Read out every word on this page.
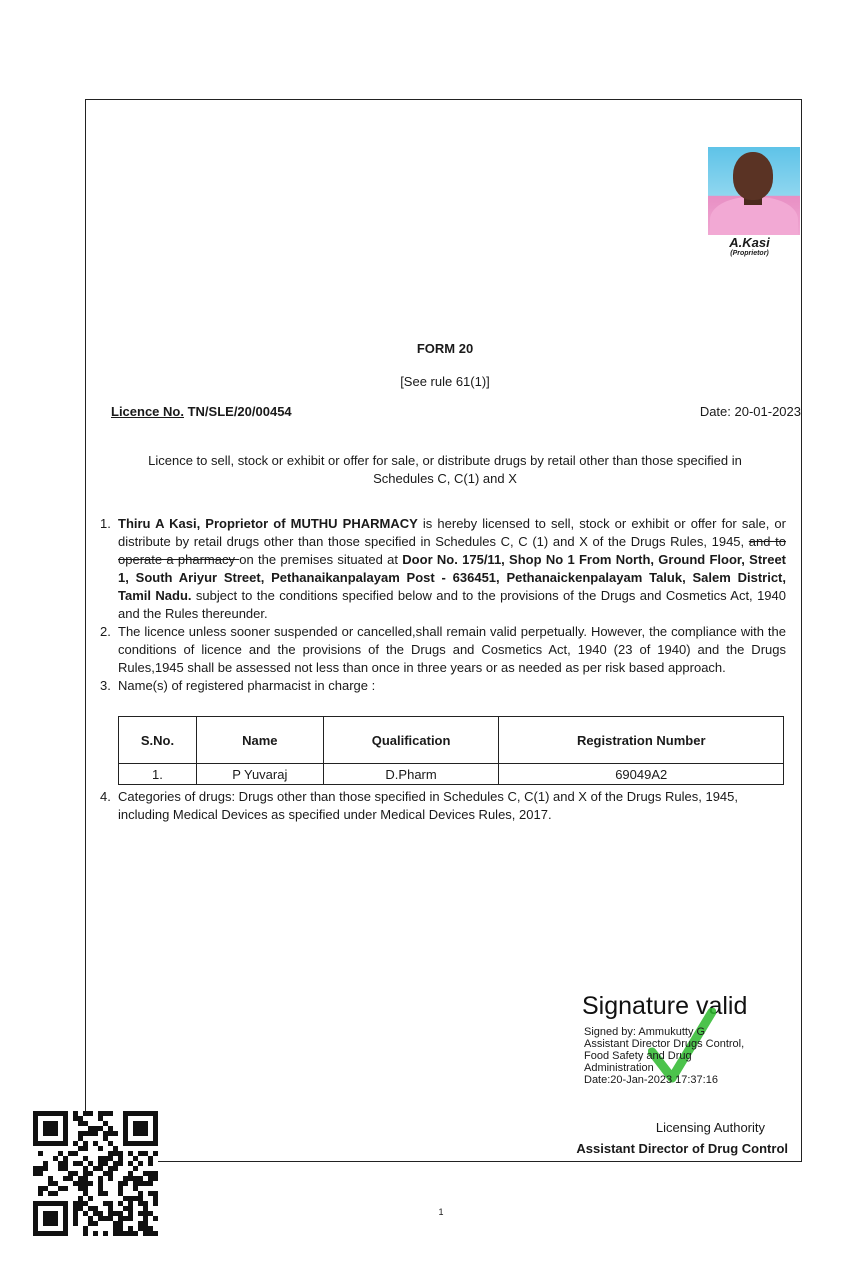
A.Kasi
(Proprietor)
FORM 20
[See rule 61(1)]
Licence No. TN/SLE/20/00454	Date: 20-01-2023
Licence to sell, stock or exhibit or offer for sale, or distribute drugs by retail other than those specified in
Schedules C, C(1) and X
1. Thiru A Kasi, Proprietor of MUTHU PHARMACY is hereby licensed to sell, stock or exhibit or offer for sale, or distribute by retail drugs other than those specified in Schedules C, C (1) and X of the Drugs Rules, 1945, and to operate a pharmacy on the premises situated at Door No. 175/11, Shop No 1 From North, Ground Floor, Street 1, South Ariyur Street, Pethanaikanpalayam Post - 636451, Pethanaickenpalayam Taluk, Salem District, Tamil Nadu. subject to the conditions specified below and to the provisions of the Drugs and Cosmetics Act, 1940 and the Rules thereunder.
2. The licence unless sooner suspended or cancelled,shall remain valid perpetually. However, the compliance with the conditions of licence and the provisions of the Drugs and Cosmetics Act, 1940 (23 of 1940) and the Drugs Rules,1945 shall be assessed not less than once in three years or as needed as per risk based approach.
3. Name(s) of registered pharmacist in charge :
S.No.	Name	Qualification	Registration Number
1.	P Yuvaraj	D.Pharm	69049A2
4. Categories of drugs: Drugs other than those specified in Schedules C, C(1) and X of the Drugs Rules, 1945, including Medical Devices as specified under Medical Devices Rules, 2017.
Signature valid
Signed by: Ammukutty G
Assistant Director Drugs Control,
Food Safety and Drug
Administration
Date:20-Jan-2023 17:37:16
Licensing Authority
Assistant Director of Drug Control
1
